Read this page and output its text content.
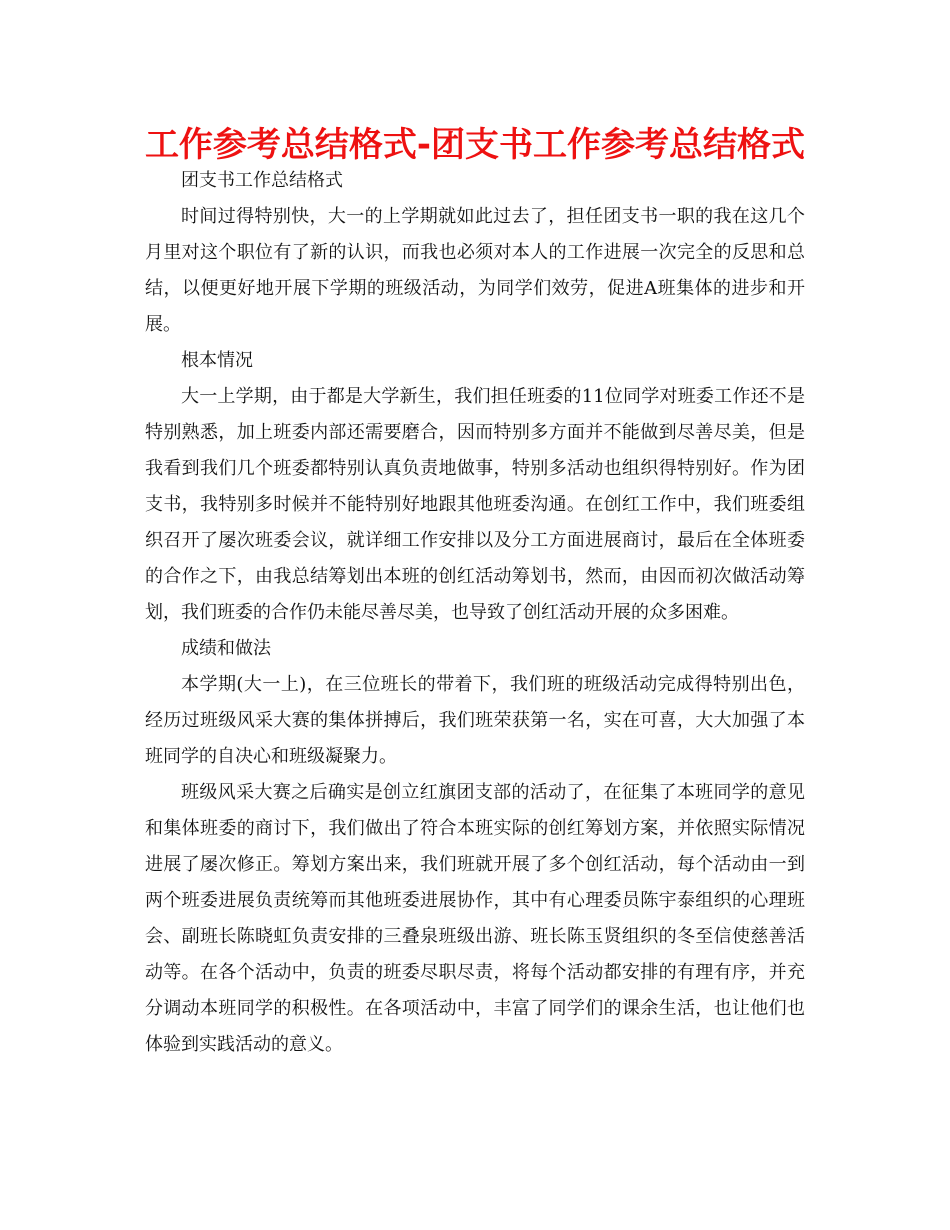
工作参考总结格式-团支书工作参考总结格式

团支书工作总结格式

时间过得特别快，大一的上学期就如此过去了，担任团支书一职的我在这几个月里对这个职位有了新的认识，而我也必须对本人的工作进展一次完全的反思和总结，以便更好地开展下学期的班级活动，为同学们效劳，促进A班集体的进步和开展。

根本情况

大一上学期，由于都是大学新生，我们担任班委的11位同学对班委工作还不是特别熟悉，加上班委内部还需要磨合，因而特别多方面并不能做到尽善尽美，但是我看到我们几个班委都特别认真负责地做事，特别多活动也组织得特别好。作为团支书，我特别多时候并不能特别好地跟其他班委沟通。在创红工作中，我们班委组织召开了屡次班委会议，就详细工作安排以及分工方面进展商讨，最后在全体班委的合作之下，由我总结筹划出本班的创红活动筹划书，然而，由因而初次做活动筹划，我们班委的合作仍未能尽善尽美，也导致了创红活动开展的众多困难。

成绩和做法

本学期(大一上)，在三位班长的带着下，我们班的班级活动完成得特别出色，经历过班级风采大赛的集体拼搏后，我们班荣获第一名，实在可喜，大大加强了本班同学的自决心和班级凝聚力。

班级风采大赛之后确实是创立红旗团支部的活动了，在征集了本班同学的意见和集体班委的商讨下，我们做出了符合本班实际的创红筹划方案，并依照实际情况进展了屡次修正。筹划方案出来，我们班就开展了多个创红活动，每个活动由一到两个班委进展负责统筹而其他班委进展协作，其中有心理委员陈宇泰组织的心理班会、副班长陈晓虹负责安排的三叠泉班级出游、班长陈玉贤组织的冬至信使慈善活动等。在各个活动中，负责的班委尽职尽责，将每个活动都安排的有理有序，并充分调动本班同学的积极性。在各项活动中，丰富了同学们的课余生活，也让他们也体验到实践活动的意义。
